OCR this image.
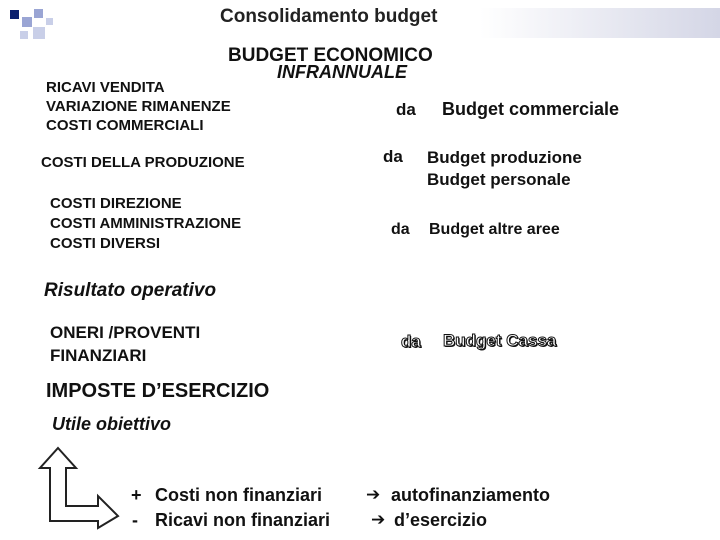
Consolidamento budget
BUDGET ECONOMICO
INFRANNUALE
RICAVI VENDITA
VARIAZIONE RIMANENZE
COSTI COMMERCIALI
COSTI DELLA PRODUZIONE
COSTI DIREZIONE
COSTI AMMINISTRAZIONE
COSTI DIVERSI
Risultato operativo
ONERI /PROVENTI
FINANZIARI
IMPOSTE D’ESERCIZIO
Utile obiettivo
da Budget commerciale
da Budget produzione
Budget personale
da Budget altre aree
da Budget Cassa
+ Costi non finanziari	➔ autofinanziamento
- Ricavi non finanziari ➔ d’esercizio
